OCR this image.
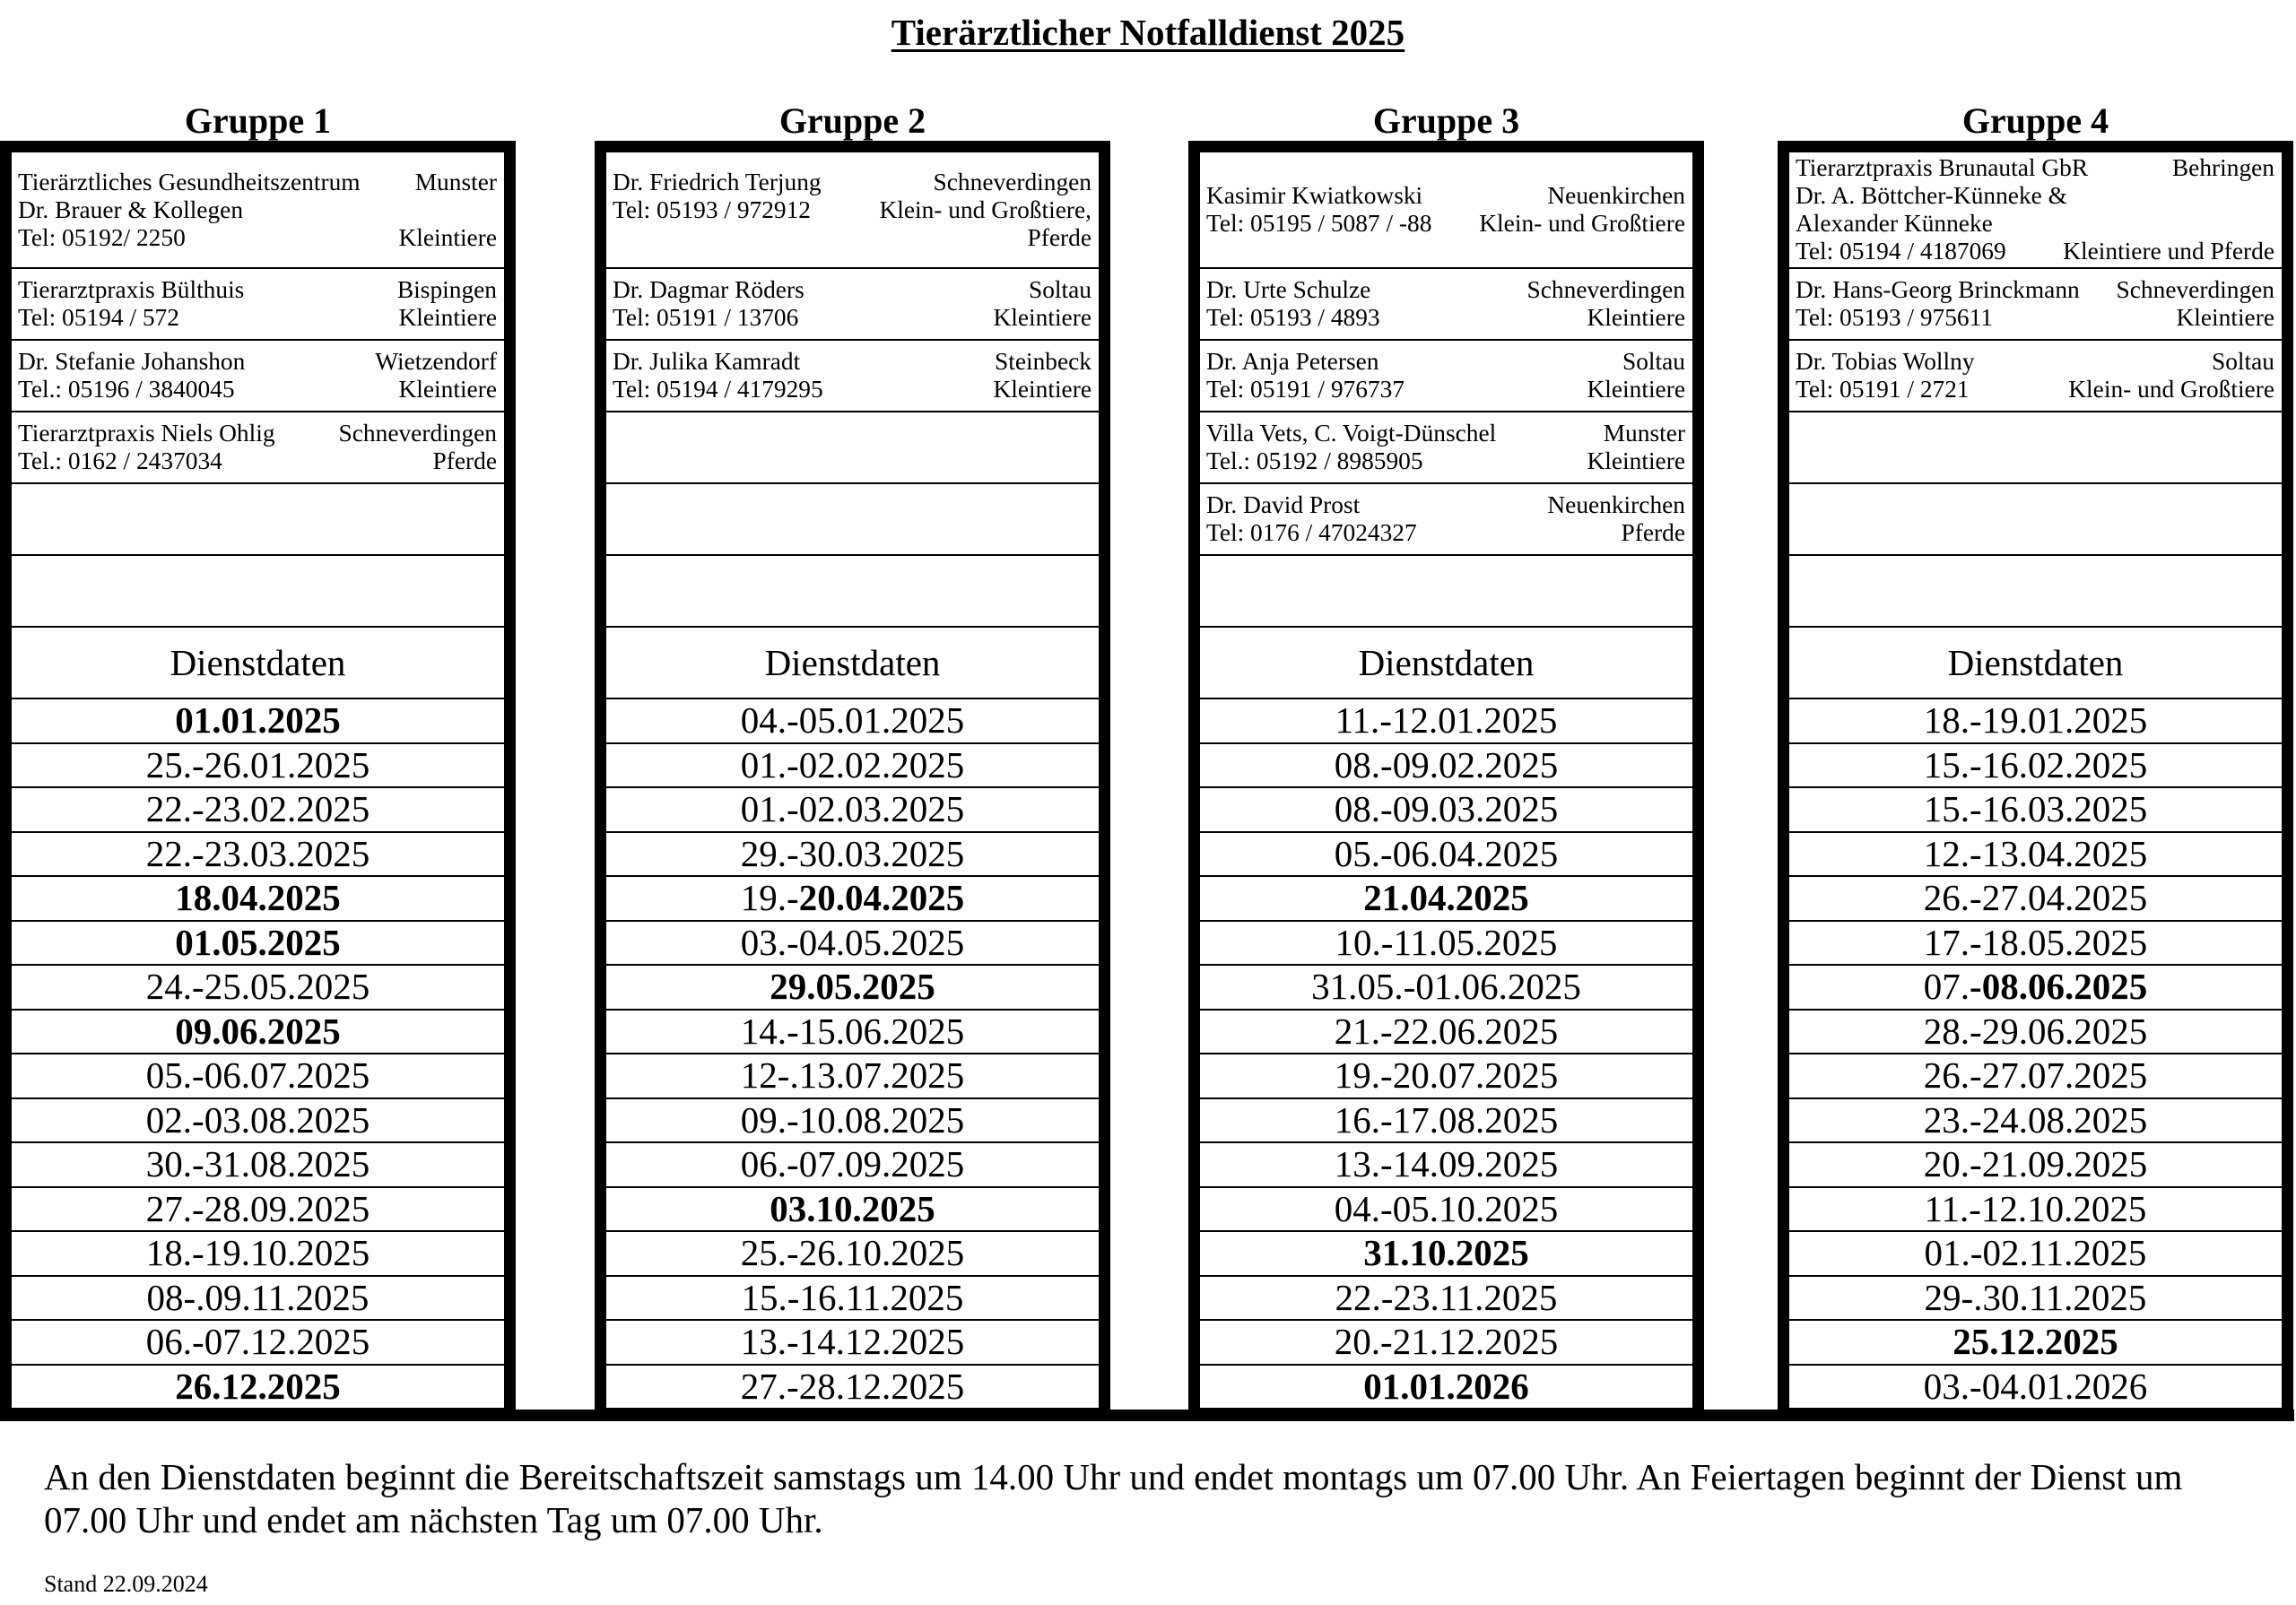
Tierärztlicher Notfalldienst 2025
Gruppe 1
Tierärztliches Gesundheitszentrum	Munster
Dr. Brauer & Kollegen
Tel: 05192/ 2250	Kleintiere
Tierarztpraxis Bülthuis	Bispingen
Tel: 05194 / 572	Kleintiere
Dr. Stefanie Johanshon	Wietzendorf
Tel.: 05196 / 3840045	Kleintiere
Tierarztpraxis Niels Ohlig	Schneverdingen
Tel.: 0162 / 2437034	Pferde
Dienstdaten
01.01.2025
25.-26.01.2025
22.-23.02.2025
22.-23.03.2025
18.04.2025
01.05.2025
24.-25.05.2025
09.06.2025
05.-06.07.2025
02.-03.08.2025
30.-31.08.2025
27.-28.09.2025
18.-19.10.2025
08-.09.11.2025
06.-07.12.2025
26.12.2025
Gruppe 2
Dr. Friedrich Terjung	Schneverdingen
Tel: 05193 / 972912	Klein- und Großtiere,
Pferde
Dr. Dagmar Röders	Soltau
Tel: 05191 / 13706	Kleintiere
Dr. Julika Kamradt	Steinbeck
Tel: 05194 / 4179295	Kleintiere
Dienstdaten
04.-05.01.2025
01.-02.02.2025
01.-02.03.2025
29.-30.03.2025
19.-20.04.2025
03.-04.05.2025
29.05.2025
14.-15.06.2025
12-.13.07.2025
09.-10.08.2025
06.-07.09.2025
03.10.2025
25.-26.10.2025
15.-16.11.2025
13.-14.12.2025
27.-28.12.2025
Gruppe 3
Kasimir Kwiatkowski	Neuenkirchen
Tel: 05195 / 5087 / -88	Klein- und Großtiere
Dr. Urte Schulze	Schneverdingen
Tel: 05193 / 4893	Kleintiere
Dr. Anja Petersen	Soltau
Tel: 05191 / 976737	Kleintiere
Villa Vets, C. Voigt-Dünschel	Munster
Tel.: 05192 / 8985905	Kleintiere
Dr. David Prost	Neuenkirchen
Tel: 0176 / 47024327	Pferde
Dienstdaten
11.-12.01.2025
08.-09.02.2025
08.-09.03.2025
05.-06.04.2025
21.04.2025
10.-11.05.2025
31.05.-01.06.2025
21.-22.06.2025
19.-20.07.2025
16.-17.08.2025
13.-14.09.2025
04.-05.10.2025
31.10.2025
22.-23.11.2025
20.-21.12.2025
01.01.2026
Gruppe 4
Tierarztpraxis Brunautal GbR	Behringen
Dr. A. Böttcher-Künneke &
Alexander Künneke
Tel: 05194 / 4187069	Kleintiere und Pferde
Dr. Hans-Georg Brinckmann	Schneverdingen
Tel: 05193 / 975611	Kleintiere
Dr. Tobias Wollny	Soltau
Tel: 05191 / 2721	Klein- und Großtiere
Dienstdaten
18.-19.01.2025
15.-16.02.2025
15.-16.03.2025
12.-13.04.2025
26.-27.04.2025
17.-18.05.2025
07.-08.06.2025
28.-29.06.2025
26.-27.07.2025
23.-24.08.2025
20.-21.09.2025
11.-12.10.2025
01.-02.11.2025
29-.30.11.2025
25.12.2025
03.-04.01.2026
An den Dienstdaten beginnt die Bereitschaftszeit samstags um 14.00 Uhr und endet montags um 07.00 Uhr. An Feiertagen beginnt der Dienst um 07.00 Uhr und endet am nächsten Tag um 07.00 Uhr.
Stand 22.09.2024
